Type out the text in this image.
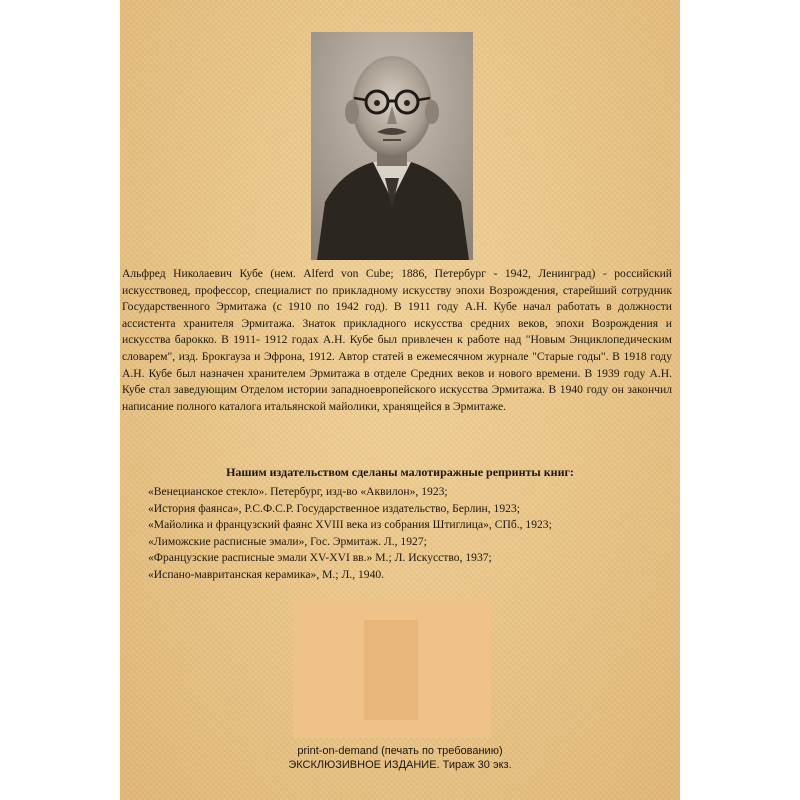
Альфред Николаевич Кубе (нем. Alferd von Cube; 1886, Петербург - 1942, Ленинград) - российский искусствовед, профессор, специалист по прикладному искусству эпохи Возрождения, старейший сотрудник Государственного Эрмитажа (с 1910 по 1942 год). В 1911 году А.Н. Кубе начал работать в должности ассистента хранителя Эрмитажа. Знаток прикладного искусства средних веков, эпохи Возрождения и искусства барокко. В 1911- 1912 годах А.Н. Кубе был привлечен к работе над "Новым Энциклопедическим словарем", изд. Брокгауза и Эфрона, 1912. Автор статей в ежемесячном журнале "Старые годы". В 1918 году А.Н. Кубе был назначен хранителем Эрмитажа в отделе Средних веков и нового времени. В 1939 году А.Н. Кубе стал заведующим Отделом истории западноевропейского искусства Эрмитажа. В 1940 году он закончил написание полного каталога итальянской майолики, хранящейся в Эрмитаже.
Нашим издательством сделаны малотиражные репринты книг:
«Венецианское стекло». Петербург, изд-во «Аквилон», 1923;
«История фаянса», Р.С.Ф.С.Р. Государственное издательство, Берлин, 1923;
«Майолика и французский фаянс XVIII века из собрания Штиглица», СПб., 1923;
«Лиможские расписные эмали», Гос. Эрмитаж. Л., 1927;
«Французские расписные эмали XV-XVI вв.» М.; Л. Искусство, 1937;
«Испано-мавританская керамика», М.; Л., 1940.
print-on-demand (печать по требованию)
ЭКСКЛЮЗИВНОЕ ИЗДАНИЕ. Тираж 30 экз.
